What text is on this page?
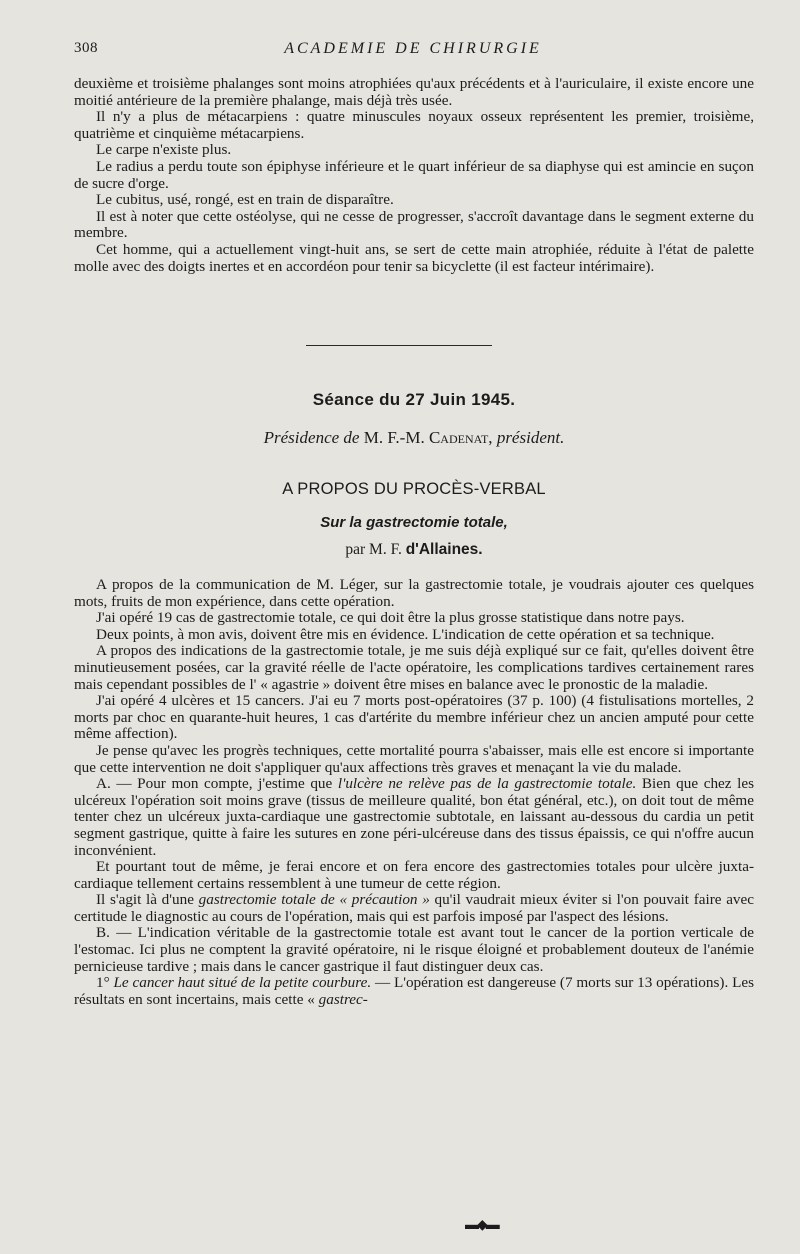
308	ACADEMIE DE CHIRURGIE

deuxième et troisième phalanges sont moins atrophiées qu'aux précédents et à l'auriculaire, il existe encore une moitié antérieure de la première phalange, mais déjà très usée.

Il n'y a plus de métacarpiens : quatre minuscules noyaux osseux représentent les premier, troisième, quatrième et cinquième métacarpiens.

Le carpe n'existe plus.

Le radius a perdu toute son épiphyse inférieure et le quart inférieur de sa diaphyse qui est amincie en suçon de sucre d'orge.

Le cubitus, usé, rongé, est en train de disparaître.

Il est à noter que cette ostéolyse, qui ne cesse de progresser, s'accroît davantage dans le segment externe du membre.

Cet homme, qui a actuellement vingt-huit ans, se sert de cette main atrophiée, réduite à l'état de palette molle avec des doigts inertes et en accordéon pour tenir sa bicyclette (il est facteur intérimaire).

Séance du 27 Juin 1945.
Présidence de M. F.-M. Cadenat, président.
A PROPOS DU PROCÈS-VERBAL
Sur la gastrectomie totale,
par M. F. d'Allaines.

A propos de la communication de M. Léger, sur la gastrectomie totale, je voudrais ajouter ces quelques mots, fruits de mon expérience, dans cette opération.

J'ai opéré 19 cas de gastrectomie totale, ce qui doit être la plus grosse statistique dans notre pays.

Deux points, à mon avis, doivent être mis en évidence. L'indication de cette opération et sa technique.

A propos des indications de la gastrectomie totale, je me suis déjà expliqué sur ce fait, qu'elles doivent être minutieusement posées, car la gravité réelle de l'acte opératoire, les complications tardives certainement rares mais cependant possibles de l' « agastrie » doivent être mises en balance avec le pronostic de la maladie.

J'ai opéré 4 ulcères et 15 cancers. J'ai eu 7 morts post-opératoires (37 p. 100) (4 fistulisations mortelles, 2 morts par choc en quarante-huit heures, 1 cas d'artérite du membre inférieur chez un ancien amputé pour cette même affection).

Je pense qu'avec les progrès techniques, cette mortalité pourra s'abaisser, mais elle est encore si importante que cette intervention ne doit s'appliquer qu'aux affections très graves et menaçant la vie du malade.

A. — Pour mon compte, j'estime que l'ulcère ne relève pas de la gastrectomie totale. Bien que chez les ulcéreux l'opération soit moins grave (tissus de meilleure qualité, bon état général, etc.), on doit tout de même tenter chez un ulcéreux juxta-cardiaque une gastrectomie subtotale, en laissant au-dessous du cardia un petit segment gastrique, quitte à faire les sutures en zone péri-ulcéreuse dans des tissus épaissis, ce qui n'offre aucun inconvénient.

Et pourtant tout de même, je ferai encore et on fera encore des gastrectomies totales pour ulcère juxta-cardiaque tellement certains ressemblent à une tumeur de cette région.

Il s'agit là d'une gastrectomie totale de « précaution » qu'il vaudrait mieux éviter si l'on pouvait faire avec certitude le diagnostic au cours de l'opération, mais qui est parfois imposé par l'aspect des lésions.

B. — L'indication véritable de la gastrectomie totale est avant tout le cancer de la portion verticale de l'estomac. Ici plus ne comptent la gravité opératoire, ni le risque éloigné et probablement douteux de l'anémie pernicieuse tardive ; mais dans le cancer gastrique il faut distinguer deux cas.

1° Le cancer haut situé de la petite courbure. — L'opération est dangereuse (7 morts sur 13 opérations). Les résultats en sont incertains, mais cette « gastrec-

▬◆▬
